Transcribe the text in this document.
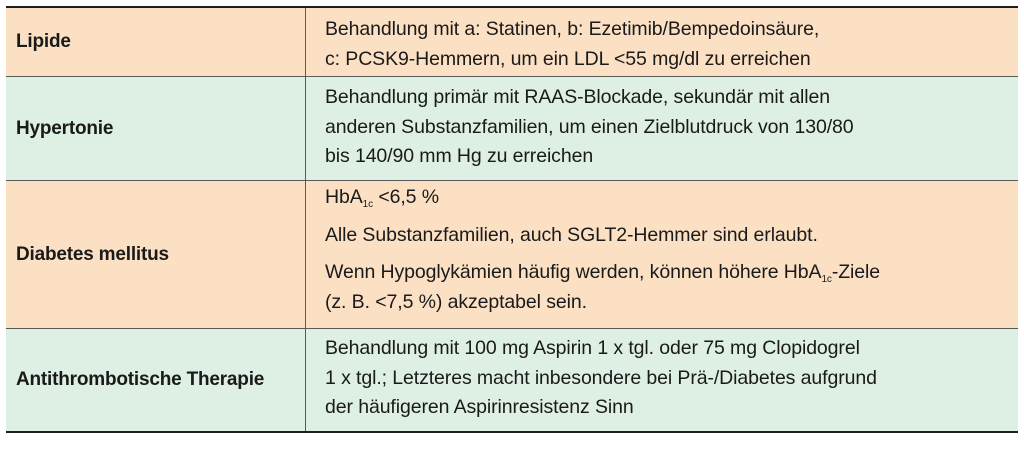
Lipide
Behandlung mit a: Statinen, b: Ezetimib/Bempedoinsäure,
c: PCSK9-Hemmern, um ein LDL <55 mg/dl zu erreichen
Hypertonie
Behandlung primär mit RAAS-Blockade, sekundär mit allen
anderen Substanzfamilien, um einen Zielblutdruck von 130/80
bis 140/90 mm Hg zu erreichen
Diabetes mellitus
HbA$_{1c}$ <6,5 %
Alle Substanzfamilien, auch SGLT2-Hemmer sind erlaubt.
Wenn Hypoglykämien häufig werden, können höhere HbA$_{1c}$-Ziele
(z. B. <7,5 %) akzeptabel sein.
Antithrombotische Therapie
Behandlung mit 100 mg Aspirin 1 x tgl. oder 75 mg Clopidogrel
1 x tgl.; Letzteres macht inbesondere bei Prä-/Diabetes aufgrund
der häufigeren Aspirinresistenz Sinn
